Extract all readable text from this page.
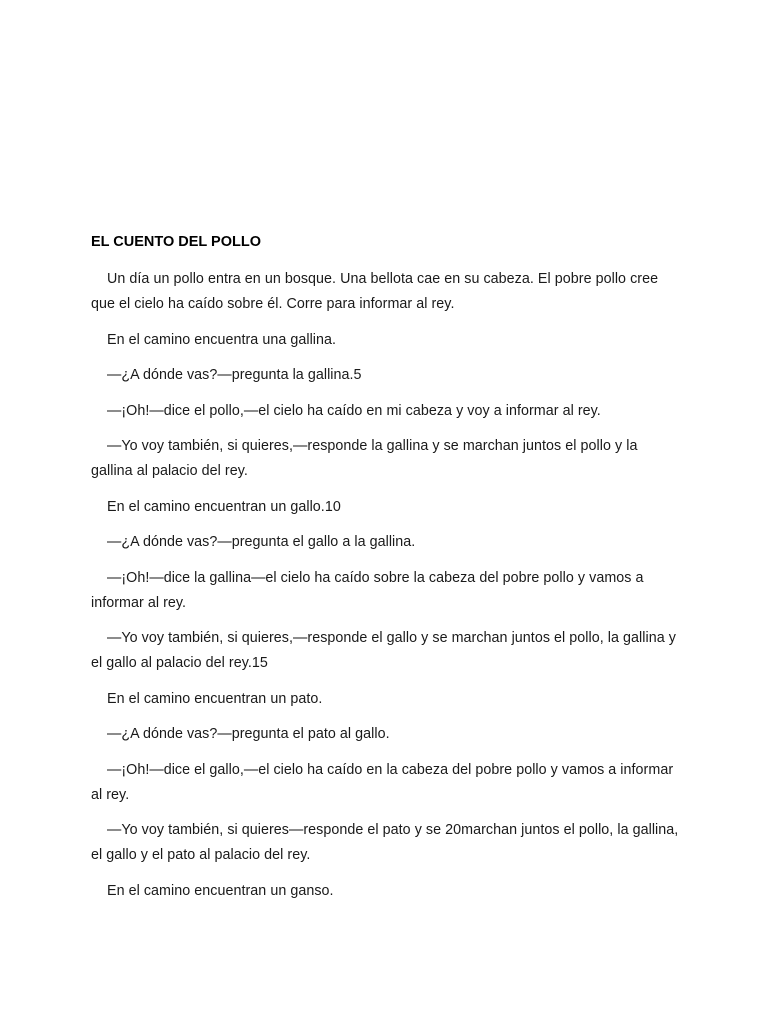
EL CUENTO DEL POLLO

Un día un pollo entra en un bosque. Una bellota cae en su cabeza. El pobre pollo cree que el cielo ha caído sobre él. Corre para informar al rey.

En el camino encuentra una gallina.

—¿A dónde vas?—pregunta la gallina.5

—¡Oh!—dice el pollo,—el cielo ha caído en mi cabeza y voy a informar al rey.

—Yo voy también, si quieres,—responde la gallina y se marchan juntos el pollo y la gallina al palacio del rey.

En el camino encuentran un gallo.10

—¿A dónde vas?—pregunta el gallo a la gallina.

—¡Oh!—dice la gallina—el cielo ha caído sobre la cabeza del pobre pollo y vamos a informar al rey.

—Yo voy también, si quieres,—responde el gallo y se marchan juntos el pollo, la gallina y el gallo al palacio del rey.15

En el camino encuentran un pato.

—¿A dónde vas?—pregunta el pato al gallo.

—¡Oh!—dice el gallo,—el cielo ha caído en la cabeza del pobre pollo y vamos a informar al rey.

—Yo voy también, si quieres—responde el pato y se 20marchan juntos el pollo, la gallina, el gallo y el pato al palacio del rey.

En el camino encuentran un ganso.
